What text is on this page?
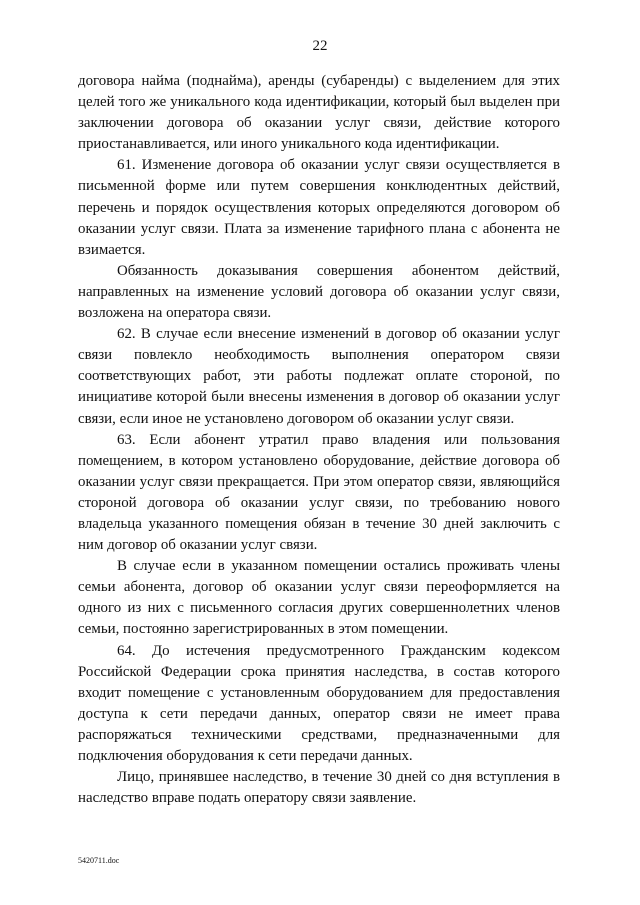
22

договора найма (поднайма), аренды (субаренды) с выделением для этих целей того же уникального кода идентификации, который был выделен при заключении договора об оказании услуг связи, действие которого приостанавливается, или иного уникального кода идентификации.

61. Изменение договора об оказании услуг связи осуществляется в письменной форме или путем совершения конклюдентных действий, перечень и порядок осуществления которых определяются договором об оказании услуг связи. Плата за изменение тарифного плана с абонента не взимается.

Обязанность доказывания совершения абонентом действий, направленных на изменение условий договора об оказании услуг связи, возложена на оператора связи.

62. В случае если внесение изменений в договор об оказании услуг связи повлекло необходимость выполнения оператором связи соответствующих работ, эти работы подлежат оплате стороной, по инициативе которой были внесены изменения в договор об оказании услуг связи, если иное не установлено договором об оказании услуг связи.

63. Если абонент утратил право владения или пользования помещением, в котором установлено оборудование, действие договора об оказании услуг связи прекращается. При этом оператор связи, являющийся стороной договора об оказании услуг связи, по требованию нового владельца указанного помещения обязан в течение 30 дней заключить с ним договор об оказании услуг связи.

В случае если в указанном помещении остались проживать члены семьи абонента, договор об оказании услуг связи переоформляется на одного из них с письменного согласия других совершеннолетних членов семьи, постоянно зарегистрированных в этом помещении.

64. До истечения предусмотренного Гражданским кодексом Российской Федерации срока принятия наследства, в состав которого входит помещение с установленным оборудованием для предоставления доступа к сети передачи данных, оператор связи не имеет права распоряжаться техническими средствами, предназначенными для подключения оборудования к сети передачи данных.

Лицо, принявшее наследство, в течение 30 дней со дня вступления в наследство вправе подать оператору связи заявление.

5420711.doc
